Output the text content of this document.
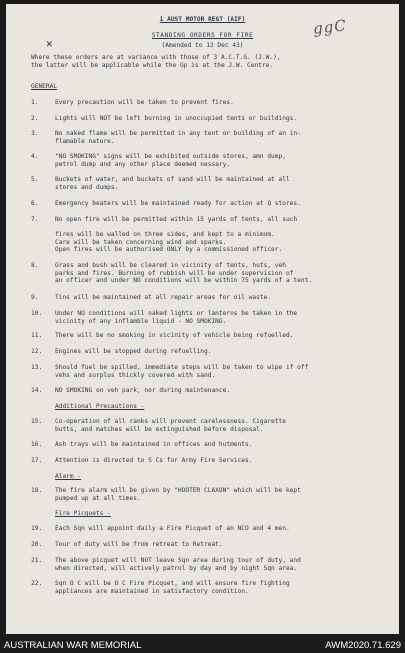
✕
ggC
1 AUST MOTOR REGT (AIF)
STANDING ORDERS FOR FIRE
(Amended to 12 Dec 43)
Where these orders are at variance with those of 3 A.C.T.G. (J.W.),
the latter will be applicable while the Gp is at the J.W. Centre.
GENERAL
1.	Every precaution will be taken to prevent fires.
2.	Lights will NOT be left burning in unoccupied tents or buildings.
3.	No naked flame will be permitted in any tent or building of an in-
flamable nature.
4.	"NO SMOKING" signs will be exhibited outside stores, amn dump,
petrol dump and any other place deemed nessary.
5.	Buckets of water, and buckets of sand will be maintained at all
stores and dumps.
6.	Emergency beaters will be maintained ready for action at Q stores.
7.	No open fire will be permitted within 15 yards of tents, all such

fires will be walled on three sides, and kept to a minimum.
Care will be taken concerning wind and sparks.
Open fires will be authorised ONLY by a commissioned officer.
8.	Grass and bush will be cleared in vicinity of tents, huts, veh
parks and fires. Burning of rubbish will be under supervision of
an officer and under NO conditions will be within 75 yards of a tent.
9.	Tins will be maintained at all repair areas for oil waste.
10. Under NO conditions will naked lights or lanterns be taken in the
vicinity of any inflamble liquid - NO SMOKING.
11. There will be no smoking in vicinity of vehicle being refuelled.
12. Engines will be stopped during refuelling.
13. Should fuel be spilled, immediate steps will be taken to wipe if off
vehs and surplus thickly covered with sand.
14. NO SMOKING on veh park, nor during maintenance.
Additional Precautions -
15. Co-operation of all ranks will prevent carelessness. Cigarette
butts, and matches will be extinguished before disposal.
16. Ash trays will be maintained in offices and hutments.
17. Attention is directed to S Cs for Army Fire Services.
Alarm -
18. The fire alarm will be given by "HOOTER CLAXON" which will be kept
pumped up at all times.
Fire Picquets -
19. Each Sqn will appoint daily a Fire Picquet of an NCO and 4 men.
20. Tour of duty will be from retreat to Retreat.
21. The above picquet will NOT leave Sqn area during tour of duty, and
when directed, will actively patrol by day and by night Sqn area.
22. Sqn O C will be O C Fire Picquet, and will ensure fire fighting
appliances are maintained in satisfactory condition.
AUSTRALIAN WAR MEMORIAL	AWM2020.71.629
